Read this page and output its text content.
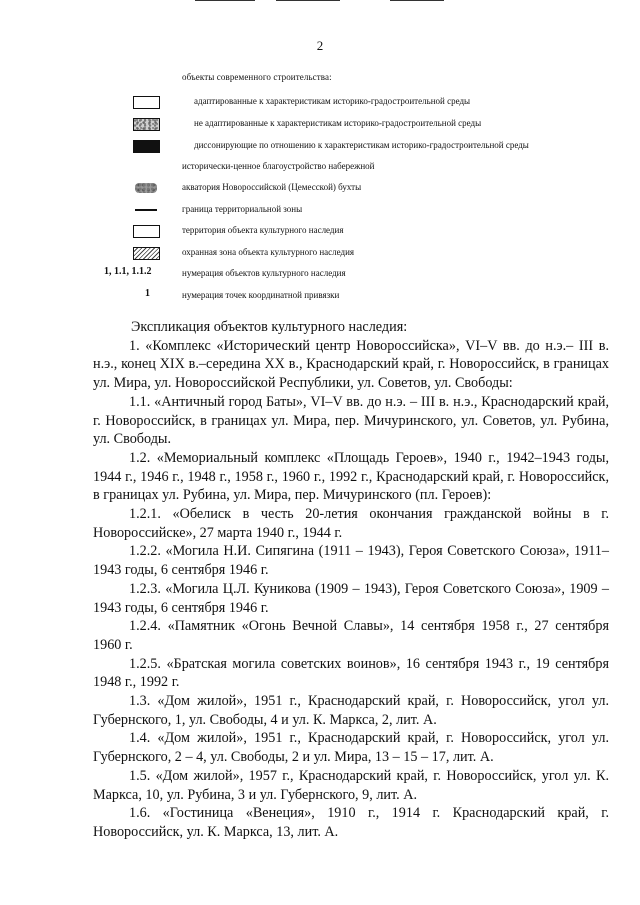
2
объекты современного строительства:
адаптированные к характеристикам историко-градостроительной среды
не адаптированные к характеристикам историко-градостроительной среды
диссонирующие по отношению к характеристикам историко-градостроительной среды
исторически-ценное благоустройство набережной
акватория Новороссийской (Цемесской) бухты
граница территориальной зоны
территория объекта культурного наследия
охранная зона объекта культурного наследия
1, 1.1, 1.1.2	нумерация объектов культурного наследия
1	нумерация точек координатной привязки

Экспликация объектов культурного наследия:

1. «Комплекс «Исторический центр Новороссийска», VI–V вв. до н.э.– III в. н.э., конец XIX в.–середина XX в., Краснодарский край, г. Новороссийск, в границах ул. Мира, ул. Новороссийской Республики, ул. Советов, ул. Свободы:

1.1. «Античный город Баты», VI–V вв. до н.э. – III в. н.э., Краснодарский край, г. Новороссийск, в границах ул. Мира, пер. Мичуринского, ул. Советов, ул. Рубина, ул. Свободы.

1.2. «Мемориальный комплекс «Площадь Героев», 1940 г., 1942–1943 годы, 1944 г., 1946 г., 1948 г., 1958 г., 1960 г., 1992 г., Краснодарский край, г. Новороссийск, в границах ул. Рубина, ул. Мира, пер. Мичуринского (пл. Героев):

1.2.1. «Обелиск в честь 20-летия окончания гражданской войны в г. Новороссийске», 27 марта 1940 г., 1944 г.

1.2.2. «Могила Н.И. Сипягина (1911 – 1943), Героя Советского Союза», 1911–1943 годы, 6 сентября 1946 г.

1.2.3. «Могила Ц.Л. Куникова (1909 – 1943), Героя Советского Союза», 1909 – 1943 годы, 6 сентября 1946 г.

1.2.4. «Памятник «Огонь Вечной Славы», 14 сентября 1958 г., 27 сентября 1960 г.

1.2.5. «Братская могила советских воинов», 16 сентября 1943 г., 19 сентября 1948 г., 1992 г.

1.3. «Дом жилой», 1951 г., Краснодарский край, г. Новороссийск, угол ул. Губернского, 1, ул. Свободы, 4 и ул. К. Маркса, 2, лит. А.

1.4. «Дом жилой», 1951 г., Краснодарский край, г. Новороссийск, угол ул. Губернского, 2 – 4, ул. Свободы, 2 и ул. Мира, 13 – 15 – 17, лит. А.

1.5. «Дом жилой», 1957 г., Краснодарский край, г. Новороссийск, угол ул. К. Маркса, 10, ул. Рубина, 3 и ул. Губернского, 9, лит. А.

1.6. «Гостиница «Венеция», 1910 г., 1914 г. Краснодарский край, г. Новороссийск, ул. К. Маркса, 13, лит. А.
